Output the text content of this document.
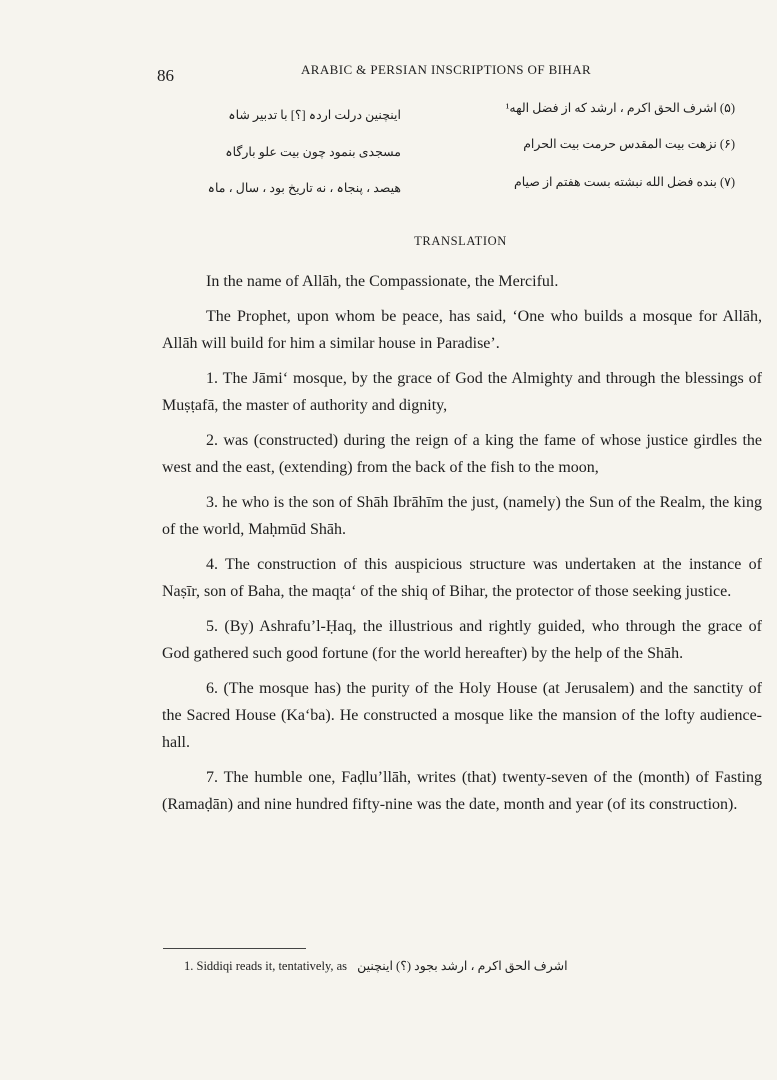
86	ARABIC & PERSIAN INSCRIPTIONS OF BIHAR
(۵) اشرف الحق اکرم ، ارشد که از فضل الهه¹
اینچنین درلت اردہ [؟] با تدبیر شاہ
(۶) نزهت بیت المقدس حرمت بیت الحرام
مسجدی بنمود چون بیت علو بارگاہ
(۷) بنده فضل الله نبشته بست هفتم از صیام
هیصد ، پنجاہ ، نه تاریخ بود ، سال ، ماہ
TRANSLATION

In the name of Allāh, the Compassionate, the Merciful.

The Prophet, upon whom be peace, has said, ‘One who builds a mosque for Allāh, Allāh will build for him a similar house in Paradise’.

1. The Jāmi‘ mosque, by the grace of God the Almighty and through the blessings of Muṣṭafā, the master of authority and dignity,

2. was (constructed) during the reign of a king the fame of whose justice girdles the west and the east, (extending) from the back of the fish to the moon,

3. he who is the son of Shāh Ibrāhīm the just, (namely) the Sun of the Realm, the king of the world, Maḥmūd Shāh.

4. The construction of this auspicious structure was undertaken at the instance of Naṣīr, son of Baha, the maqṭa‘ of the shiq of Bihar, the protector of those seeking justice.

5. (By) Ashrafu’l-Ḥaq, the illustrious and rightly guided, who through the grace of God gathered such good fortune (for the world hereafter) by the help of the Shāh.

6. (The mosque has) the purity of the Holy House (at Jerusalem) and the sanctity of the Sacred House (Ka‘ba). He constructed a mosque like the mansion of the lofty audience-hall.

7. The humble one, Faḍlu’llāh, writes (that) twenty-seven of the (month) of Fasting (Ramaḍān) and nine hundred fifty-nine was the date, month and year (of its construction).

1. Siddiqi reads it, tentatively, as اشرف الحق اکرم ، ارشد بجود (؟) اینچنین
